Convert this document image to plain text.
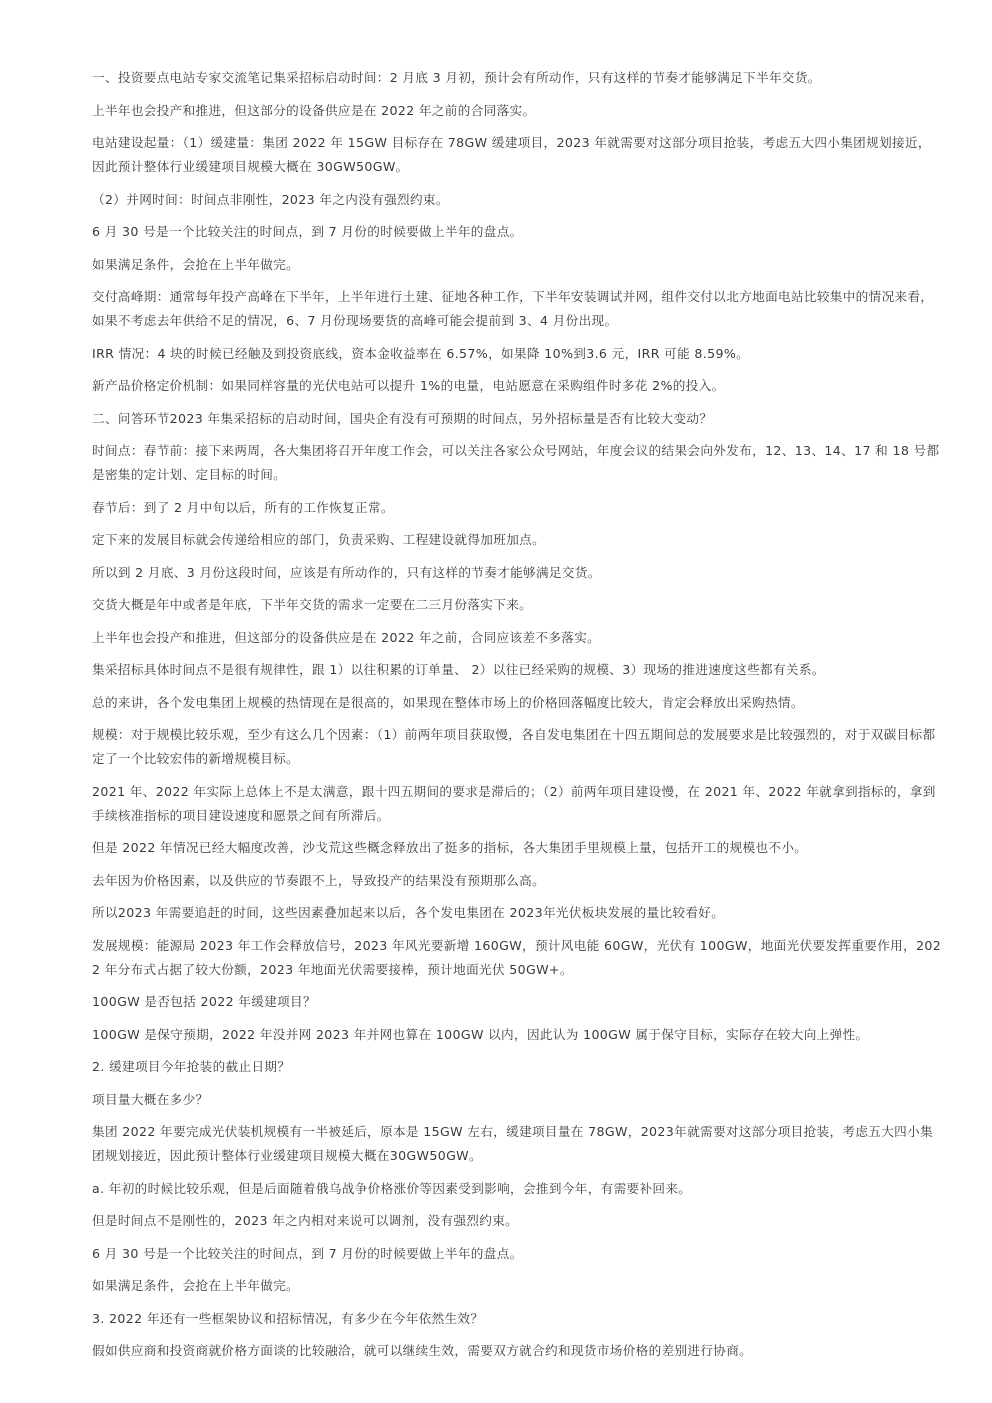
一、投资要点电站专家交流笔记集采招标启动时间：2 月底 3 月初，预计会有所动作，只有这样的节奏才能够满足下半年交货。

上半年也会投产和推进，但这部分的设备供应是在 2022 年之前的合同落实。

电站建设起量：（1）缓建量：集团 2022 年 15GW 目标存在 78GW 缓建项目，2023 年就需要对这部分项目抢装，考虑五大四小集团规划接近，因此预计整体行业缓建项目规模大概在 30GW50GW。

（2）并网时间：时间点非刚性，2023 年之内没有强烈约束。

6 月 30 号是一个比较关注的时间点，到 7 月份的时候要做上半年的盘点。

如果满足条件，会抢在上半年做完。

交付高峰期：通常每年投产高峰在下半年，上半年进行土建、征地各种工作，下半年安装调试并网，组件交付以北方地面电站比较集中的情况来看，如果不考虑去年供给不足的情况，6、7 月份现场要货的高峰可能会提前到 3、4 月份出现。

IRR 情况：4 块的时候已经触及到投资底线，资本金收益率在 6.57%，如果降 10%到3.6 元，IRR 可能 8.59%。

新产品价格定价机制：如果同样容量的光伏电站可以提升 1%的电量，电站愿意在采购组件时多花 2%的投入。

二、问答环节2023 年集采招标的启动时间，国央企有没有可预期的时间点，另外招标量是否有比较大变动？

时间点：春节前：接下来两周，各大集团将召开年度工作会，可以关注各家公众号网站，年度会议的结果会向外发布，12、13、14、17 和 18 号都是密集的定计划、定目标的时间。

春节后：到了 2 月中旬以后，所有的工作恢复正常。

定下来的发展目标就会传递给相应的部门，负责采购、工程建设就得加班加点。

所以到 2 月底、3 月份这段时间，应该是有所动作的，只有这样的节奏才能够满足交货。

交货大概是年中或者是年底，下半年交货的需求一定要在二三月份落实下来。

上半年也会投产和推进，但这部分的设备供应是在 2022 年之前，合同应该差不多落实。

集采招标具体时间点不是很有规律性，跟 1）以往积累的订单量、 2）以往已经采购的规模、3）现场的推进速度这些都有关系。

总的来讲，各个发电集团上规模的热情现在是很高的，如果现在整体市场上的价格回落幅度比较大，肯定会释放出采购热情。

规模：对于规模比较乐观，至少有这么几个因素：（1）前两年项目获取慢，各自发电集团在十四五期间总的发展要求是比较强烈的，对于双碳目标都定了一个比较宏伟的新增规模目标。

2021 年、2022 年实际上总体上不是太满意，跟十四五期间的要求是滞后的；（2）前两年项目建设慢，在 2021 年、2022 年就拿到指标的，拿到手续核准指标的项目建设速度和愿景之间有所滞后。

但是 2022 年情况已经大幅度改善，沙戈荒这些概念释放出了挺多的指标，各大集团手里规模上量，包括开工的规模也不小。

去年因为价格因素，以及供应的节奏跟不上，导致投产的结果没有预期那么高。

所以2023 年需要追赶的时间，这些因素叠加起来以后，各个发电集团在 2023年光伏板块发展的量比较看好。

发展规模：能源局 2023 年工作会释放信号，2023 年风光要新增 160GW，预计风电能 60GW，光伏有 100GW，地面光伏要发挥重要作用，2022 年分布式占据了较大份额，2023 年地面光伏需要接棒，预计地面光伏 50GW+。

100GW 是否包括 2022 年缓建项目？

100GW 是保守预期，2022 年没并网 2023 年并网也算在 100GW 以内，因此认为 100GW 属于保守目标，实际存在较大向上弹性。

2. 缓建项目今年抢装的截止日期？

项目量大概在多少？

集团 2022 年要完成光伏装机规模有一半被延后，原本是 15GW 左右，缓建项目量在 78GW，2023年就需要对这部分项目抢装，考虑五大四小集团规划接近，因此预计整体行业缓建项目规模大概在30GW50GW。

a. 年初的时候比较乐观，但是后面随着俄乌战争价格涨价等因素受到影响，会推到今年，有需要补回来。

但是时间点不是刚性的，2023 年之内相对来说可以调剂，没有强烈约束。

6 月 30 号是一个比较关注的时间点，到 7 月份的时候要做上半年的盘点。

如果满足条件，会抢在上半年做完。

3. 2022 年还有一些框架协议和招标情况，有多少在今年依然生效？

假如供应商和投资商就价格方面谈的比较融洽，就可以继续生效，需要双方就合约和现货市场价格的差别进行协商。
